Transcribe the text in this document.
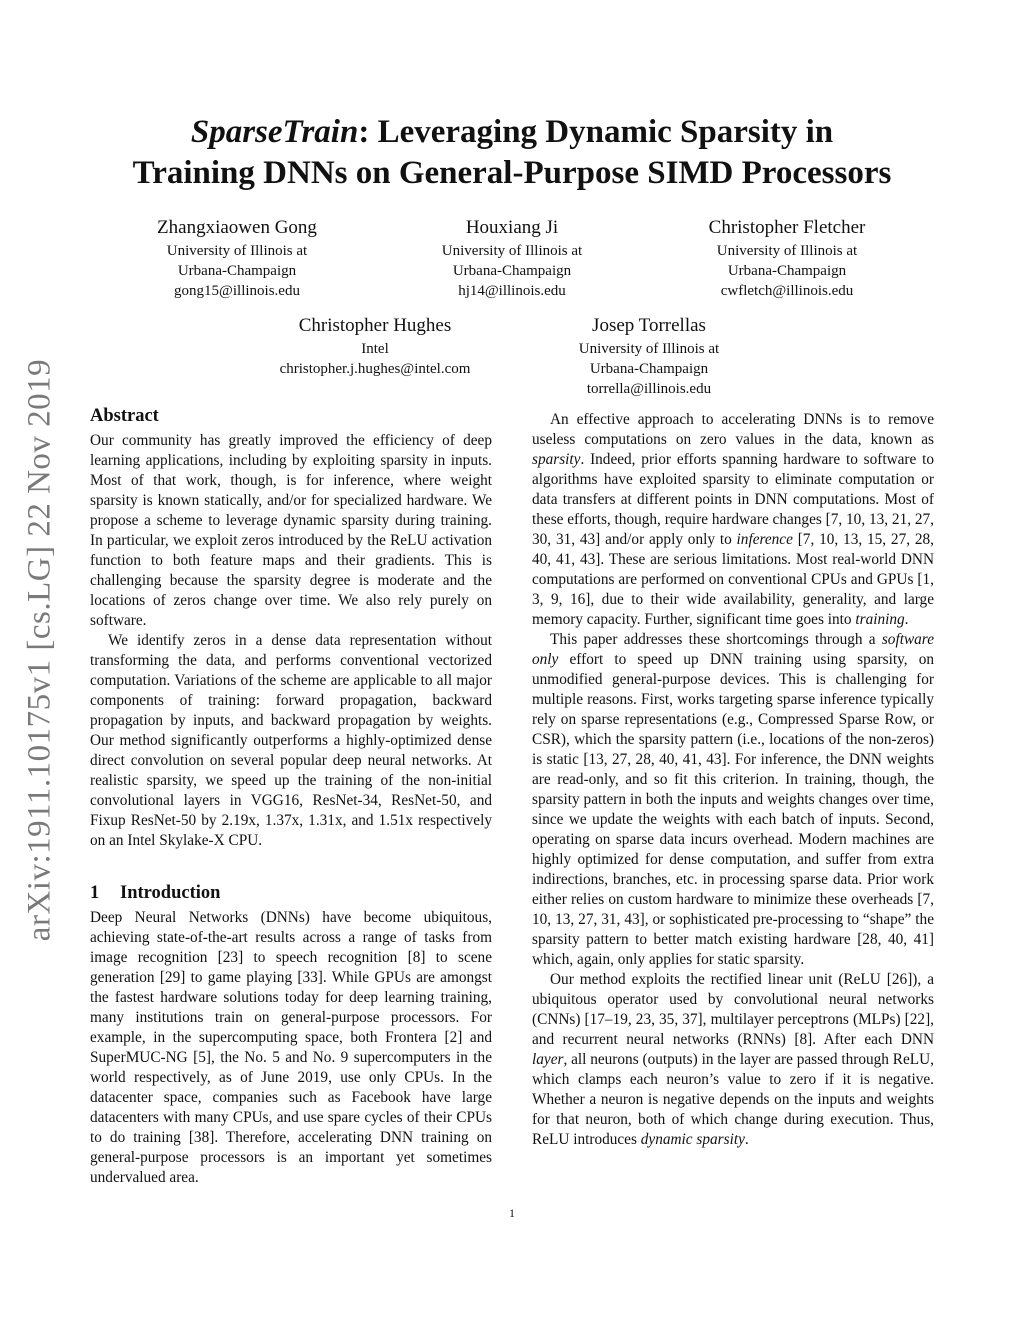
arXiv:1911.10175v1 [cs.LG] 22 Nov 2019
SparseTrain: Leveraging Dynamic Sparsity in
Training DNNs on General-Purpose SIMD Processors
Zhangxiaowen Gong
University of Illinois at
Urbana-Champaign
gong15@illinois.edu
Houxiang Ji
University of Illinois at
Urbana-Champaign
hj14@illinois.edu
Christopher Fletcher
University of Illinois at
Urbana-Champaign
cwfletch@illinois.edu
Christopher Hughes
Intel
christopher.j.hughes@intel.com
Josep Torrellas
University of Illinois at
Urbana-Champaign
torrella@illinois.edu
Abstract

Our community has greatly improved the efficiency of deep learning applications, including by exploiting sparsity in inputs. Most of that work, though, is for inference, where weight sparsity is known statically, and/or for specialized hardware. We propose a scheme to leverage dynamic sparsity during training. In particular, we exploit zeros introduced by the ReLU activation function to both feature maps and their gradients. This is challenging because the sparsity degree is moderate and the locations of zeros change over time. We also rely purely on software.

We identify zeros in a dense data representation without transforming the data, and performs conventional vectorized computation. Variations of the scheme are applicable to all major components of training: forward propagation, backward propagation by inputs, and backward propagation by weights. Our method significantly outperforms a highly-optimized dense direct convolution on several popular deep neural networks. At realistic sparsity, we speed up the training of the non-initial convolutional layers in VGG16, ResNet-34, ResNet-50, and Fixup ResNet-50 by 2.19x, 1.37x, 1.31x, and 1.51x respectively on an Intel Skylake-X CPU.

1 Introduction

Deep Neural Networks (DNNs) have become ubiquitous, achieving state-of-the-art results across a range of tasks from image recognition [23] to speech recognition [8] to scene generation [29] to game playing [33]. While GPUs are amongst the fastest hardware solutions today for deep learning training, many institutions train on general-purpose processors. For example, in the supercomputing space, both Frontera [2] and SuperMUC-NG [5], the No. 5 and No. 9 supercomputers in the world respectively, as of June 2019, use only CPUs. In the datacenter space, companies such as Facebook have large datacenters with many CPUs, and use spare cycles of their CPUs to do training [38]. Therefore, accelerating DNN training on general-purpose processors is an important yet sometimes undervalued area.

An effective approach to accelerating DNNs is to remove useless computations on zero values in the data, known as sparsity. Indeed, prior efforts spanning hardware to software to algorithms have exploited sparsity to eliminate computation or data transfers at different points in DNN computations. Most of these efforts, though, require hardware changes [7, 10, 13, 21, 27, 30, 31, 43] and/or apply only to inference [7, 10, 13, 15, 27, 28, 40, 41, 43]. These are serious limitations. Most real-world DNN computations are performed on conventional CPUs and GPUs [1, 3, 9, 16], due to their wide availability, generality, and large memory capacity. Further, significant time goes into training.

This paper addresses these shortcomings through a software only effort to speed up DNN training using sparsity, on unmodified general-purpose devices. This is challenging for multiple reasons. First, works targeting sparse inference typically rely on sparse representations (e.g., Compressed Sparse Row, or CSR), which the sparsity pattern (i.e., locations of the non-zeros) is static [13, 27, 28, 40, 41, 43]. For inference, the DNN weights are read-only, and so fit this criterion. In training, though, the sparsity pattern in both the inputs and weights changes over time, since we update the weights with each batch of inputs. Second, operating on sparse data incurs overhead. Modern machines are highly optimized for dense computation, and suffer from extra indirections, branches, etc. in processing sparse data. Prior work either relies on custom hardware to minimize these overheads [7, 10, 13, 27, 31, 43], or sophisticated pre-processing to “shape” the sparsity pattern to better match existing hardware [28, 40, 41] which, again, only applies for static sparsity.

Our method exploits the rectified linear unit (ReLU [26]), a ubiquitous operator used by convolutional neural networks (CNNs) [17–19, 23, 35, 37], multilayer perceptrons (MLPs) [22], and recurrent neural networks (RNNs) [8]. After each DNN layer, all neurons (outputs) in the layer are passed through ReLU, which clamps each neuron’s value to zero if it is negative. Whether a neuron is negative depends on the inputs and weights for that neuron, both of which change during execution. Thus, ReLU introduces dynamic sparsity.

1
